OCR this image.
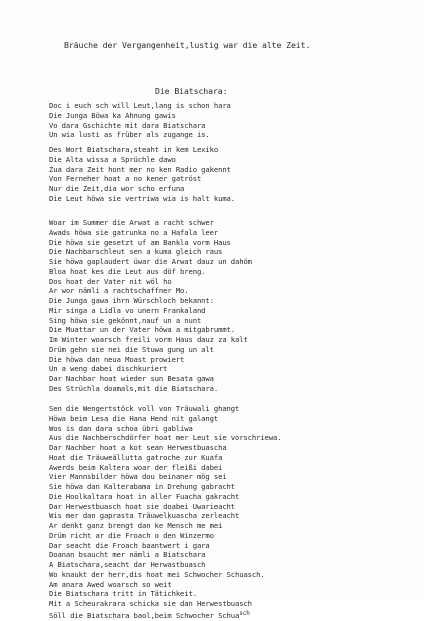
Bräuche der Vergangenheit,lustig war die alte Zeit.
Die Biatschara:
Doc i euch sch will Leut,lang is schon hara
Die Junga Böwa ka Ahnung gawis
Vo dara Gschichte mit dara Biatschara
Un wia lusti as früber als zugange is.
Des Wort Biatschara,steaht in kem Lexiko
Die Alta wissa a Sprüchle dawo
Zua dara Zeit hont mer no ken Radio gakennt
Von Ferneher hoat a no kener gatröst
Nur die Zeit,dia wor scho erfuna
Die Leut höwa sie vertriwa wia is halt kuma.
Woar im Summer die Arwat a racht schwer
Awads höwa sie gatrunka no a Hafala leer
Die höwa sie gesetzt uf am Bankla vorm Haus
Die Nachbarschleut sen a kuma gleich raus
Sie höwa gaplaudert üwar die Arwat dauz un dahöm
Bloa hoat kes die Leut aus döf breng.
Dos hoat der Vater nit wöl ho
Ar wor nämli a rachtschaffner Mo.
Die Junga gawa ihrn Würschloch bekannt:
Mir singa a Lidla vo unern Frankaland
Sing höwa sie gekönnt,nauf un a nunt
Die Muattar un der Vater höwa a mitgabrummt.
Im Winter woarsch freili vorm Haus dauz za kalt
Drüm gehn sie nei die Stuwa gung un alt
Die höwa dan neua Moast prowiert
Un a weng dabei dischkuriert
Dar Nachbar hoat wieder sun Besata gawa
Des Strüchla doamals,mit die Biatschara.
Sen die Wengertstöck voll von Träuwali ghangt
Höwa beim Lesa die Hana Hend nit galangt
Wos is dan dara schoa übri gabliwa
Aus die Nachberschdörfer hoat mer Leut sie vorschriewa.
Dar Nachber hoat a kot sean Herwestbuascha
Hoat die Träuweällutta gatroche zur Kuafa
Awerds beim Kaltera woar der fleißi dabei
Vier Mannsbilder höwa dou beinaner mög sei
Sie höwa dan Kalterabama in Drehung gabracht
Die Hoolkaltara hoat in aller Fuacha gakracht
Dar Herwestbuasch hoat sie doabei Uwarieacht
Wis mer dan gaprasta Träuwelkuascha zerleacht
Ar denkt ganz brengt dan ke Mensch me mei
Drüm richt ar die Froach o den Winzermo
Dar seacht die Froach baantwert i gara
Doanan bsaucht mer nämli a Biatschara
A Biatschara,seacht dar Herwastbuasch
Wo knaukt der herr,dis hoat mei Schwocher Schuasch.
Am anara Awed woarsch so weit
Die Biatschara tritt in Tätichkeit.
Mit a Scheurakrara schicka sie dan Herwestbuasch
Söll die Biatschara baol,beim Schwocher Schua$^{sch}$
